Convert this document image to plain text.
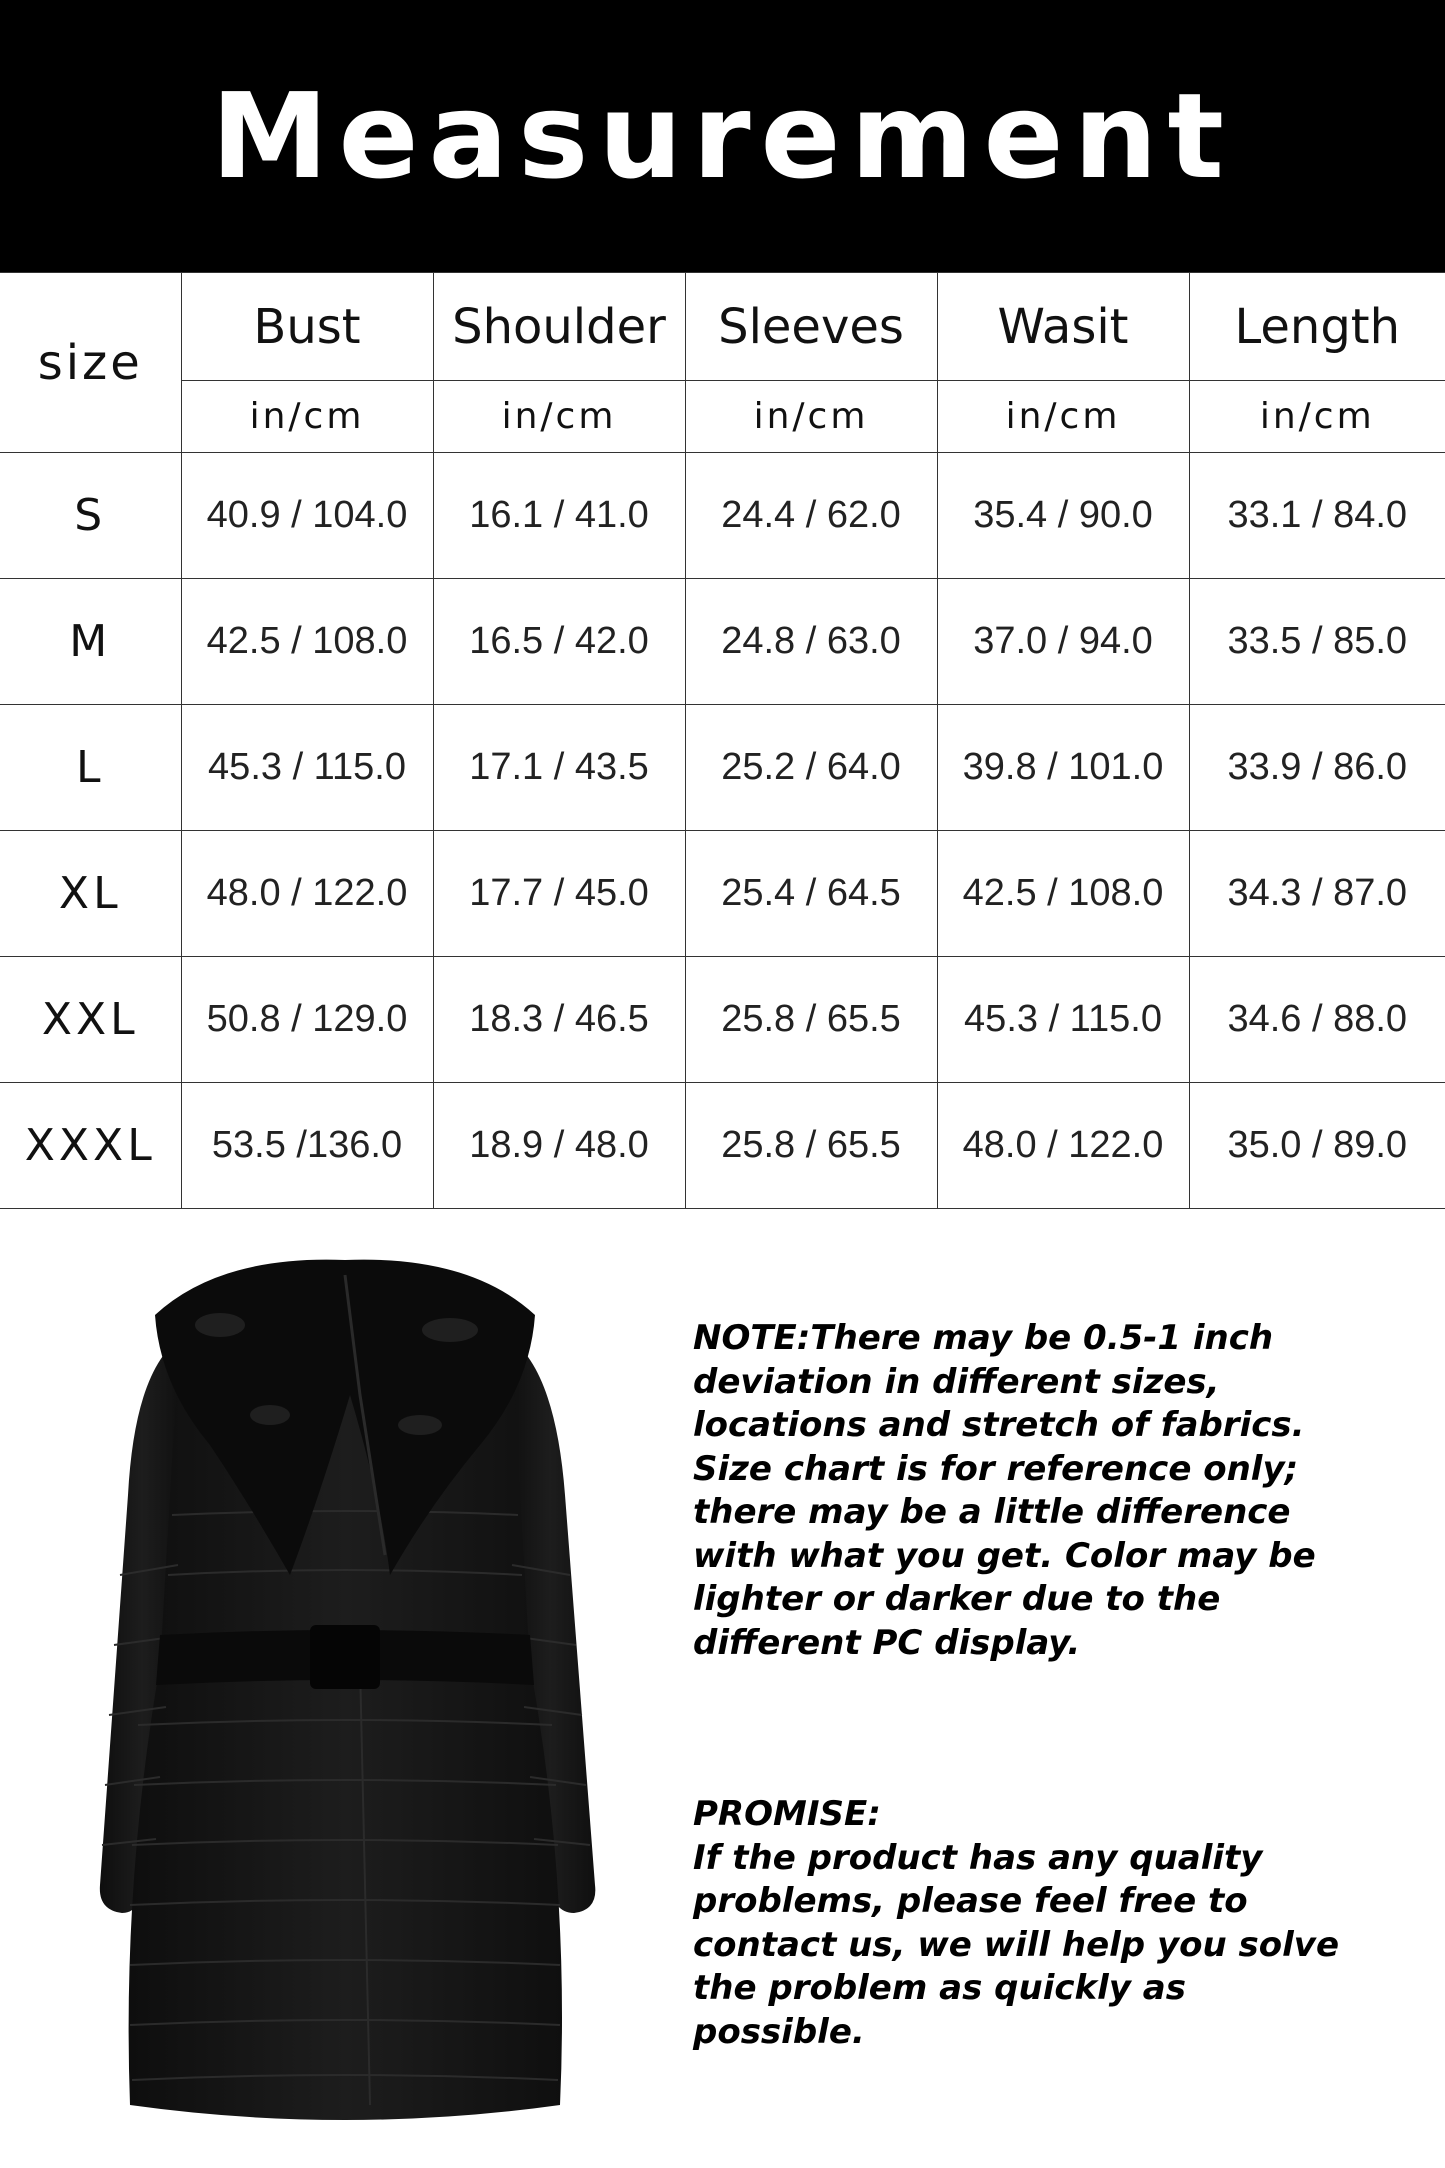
Measurement
size	Bust	Shoulder	Sleeves	Wasit	Length
	in/cm	in/cm	in/cm	in/cm	in/cm
S	40.9 / 104.0	16.1 / 41.0	24.4 / 62.0	35.4 / 90.0	33.1 / 84.0
M	42.5 / 108.0	16.5 / 42.0	24.8 / 63.0	37.0 / 94.0	33.5 / 85.0
L	45.3 / 115.0	17.1 / 43.5	25.2 / 64.0	39.8 / 101.0	33.9 / 86.0
XL	48.0 / 122.0	17.7 / 45.0	25.4 / 64.5	42.5 / 108.0	34.3 / 87.0
XXL	50.8 / 129.0	18.3 / 46.5	25.8 / 65.5	45.3 / 115.0	34.6 / 88.0
XXXL	53.5 /136.0	18.9 / 48.0	25.8 / 65.5	48.0 / 122.0	35.0 / 89.0

NOTE:There may be 0.5-1 inch

deviation in different sizes,

locations and stretch of fabrics.

Size chart is for reference only;

there may be a little difference

with what you get. Color may be

lighter or darker due to the

different PC display.

PROMISE:

If the product has any quality

problems, please feel free to

contact us, we will help you solve

the problem as quickly as

possible.
